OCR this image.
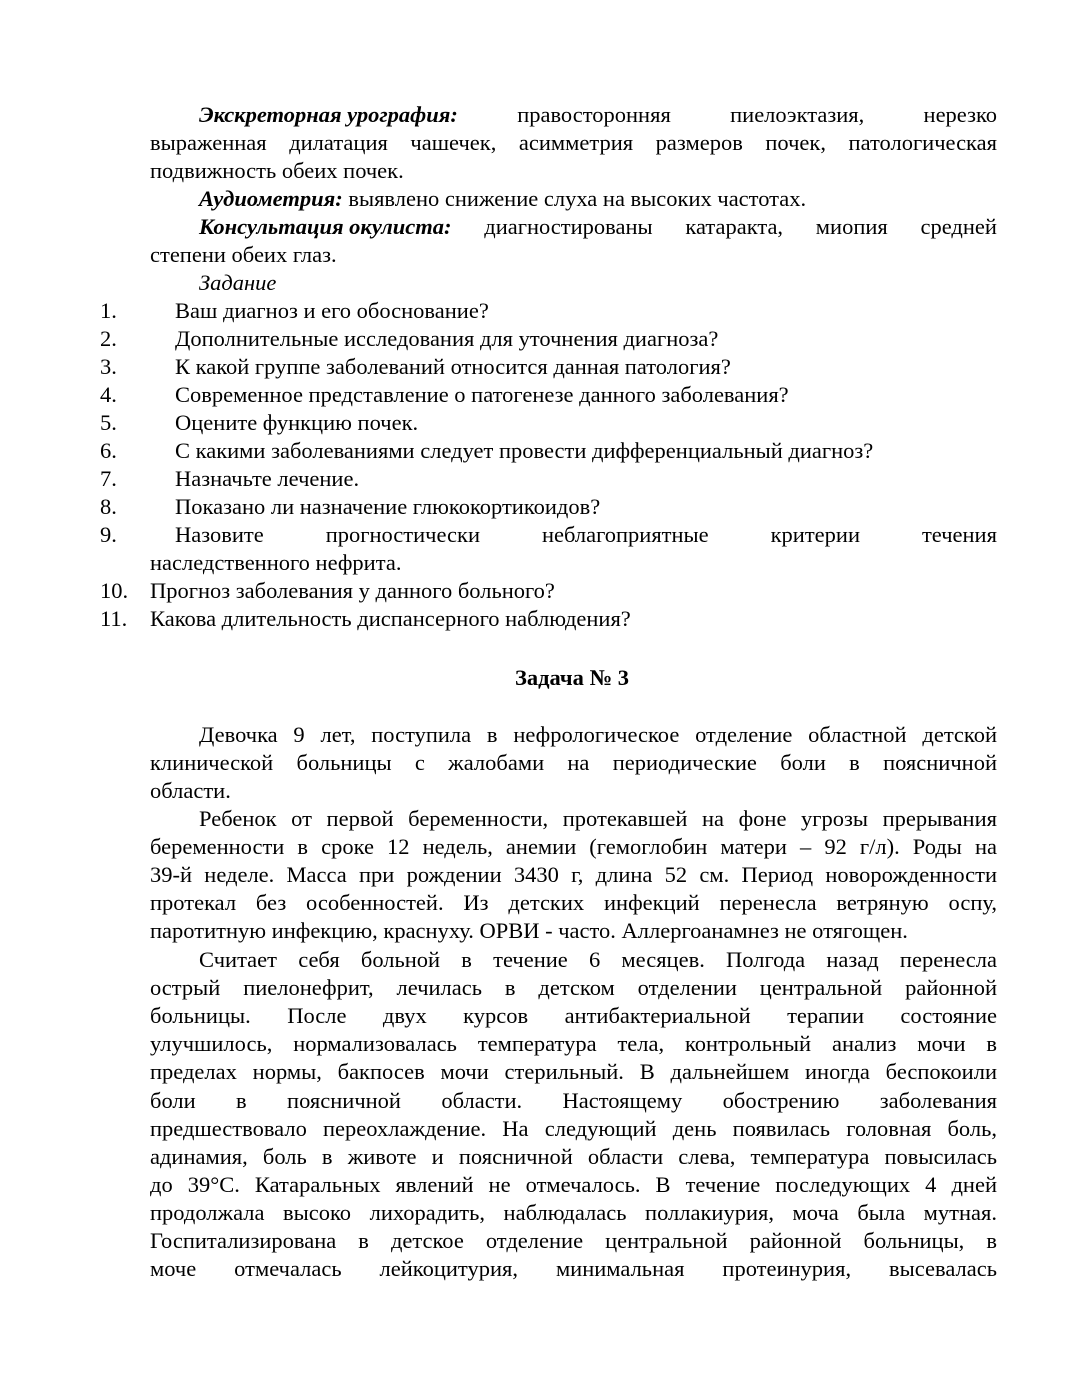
Экскреторная урография:	правосторонняя	пиелоэктазия,	нерезко
выраженная дилатация чашечек, асимметрия размеров почек, патологическая
подвижность обеих почек.
Аудиометрия: выявлено снижение слуха на высоких частотах.
Консультация окулиста: диагностированы катаракта, миопия средней
степени обеих глаз.
Задание
1.	Ваш диагноз и его обоснование?
2.	Дополнительные исследования для уточнения диагноза?
3.	К какой группе заболеваний относится данная патология?
4.	Современное представление о патогенезе данного заболевания?
5.	Оцените функцию почек.
6.	С какими заболеваниями следует провести дифференциальный диагноз?
7.	Назначьте лечение.
8.	Показано ли назначение глюкокортикоидов?
9.	Назовите	прогностически	неблагоприятные	критерии	течения
наследственного нефрита.
10. Прогноз заболевания у данного больного?
11.	Какова длительность диспансерного наблюдения?
Задача № 3
Девочка 9 лет, поступила в нефрологическое отделение областной детской
клинической больницы с жалобами на периодические боли в поясничной
области.
Ребенок от первой беременности, протекавшей на фоне угрозы прерывания
беременности в сроке 12 недель, анемии (гемоглобин матери – 92 г/л). Роды на
39-й неделе. Масса при рождении 3430 г, длина 52 см. Период новорожденности
протекал без особенностей. Из детских инфекций перенесла ветряную оспу,
паротитную инфекцию, краснуху. ОРВИ - часто. Аллергоанамнез не отягощен.
Считает себя больной в течение 6 месяцев. Полгода назад перенесла
острый пиелонефрит, лечилась в детском отделении центральной районной
больницы. После двух курсов антибактериальной терапии состояние
улучшилось, нормализовалась температура тела, контрольный анализ мочи в
пределах нормы, бакпосев мочи стерильный. В дальнейшем иногда беспокоили
боли в поясничной области. Настоящему обострению заболевания
предшествовало переохлаждение. На следующий день появилась головная боль,
адинамия, боль в животе и поясничной области слева, температура повысилась
до 39°С. Катаральных явлений не отмечалось. В течение последующих 4 дней
продолжала высоко лихорадить, наблюдалась поллакиурия, моча была мутная.
Госпитализирована в детское отделение центральной районной больницы, в
моче отмечалась лейкоцитурия, минимальная протеинурия, высевалась
